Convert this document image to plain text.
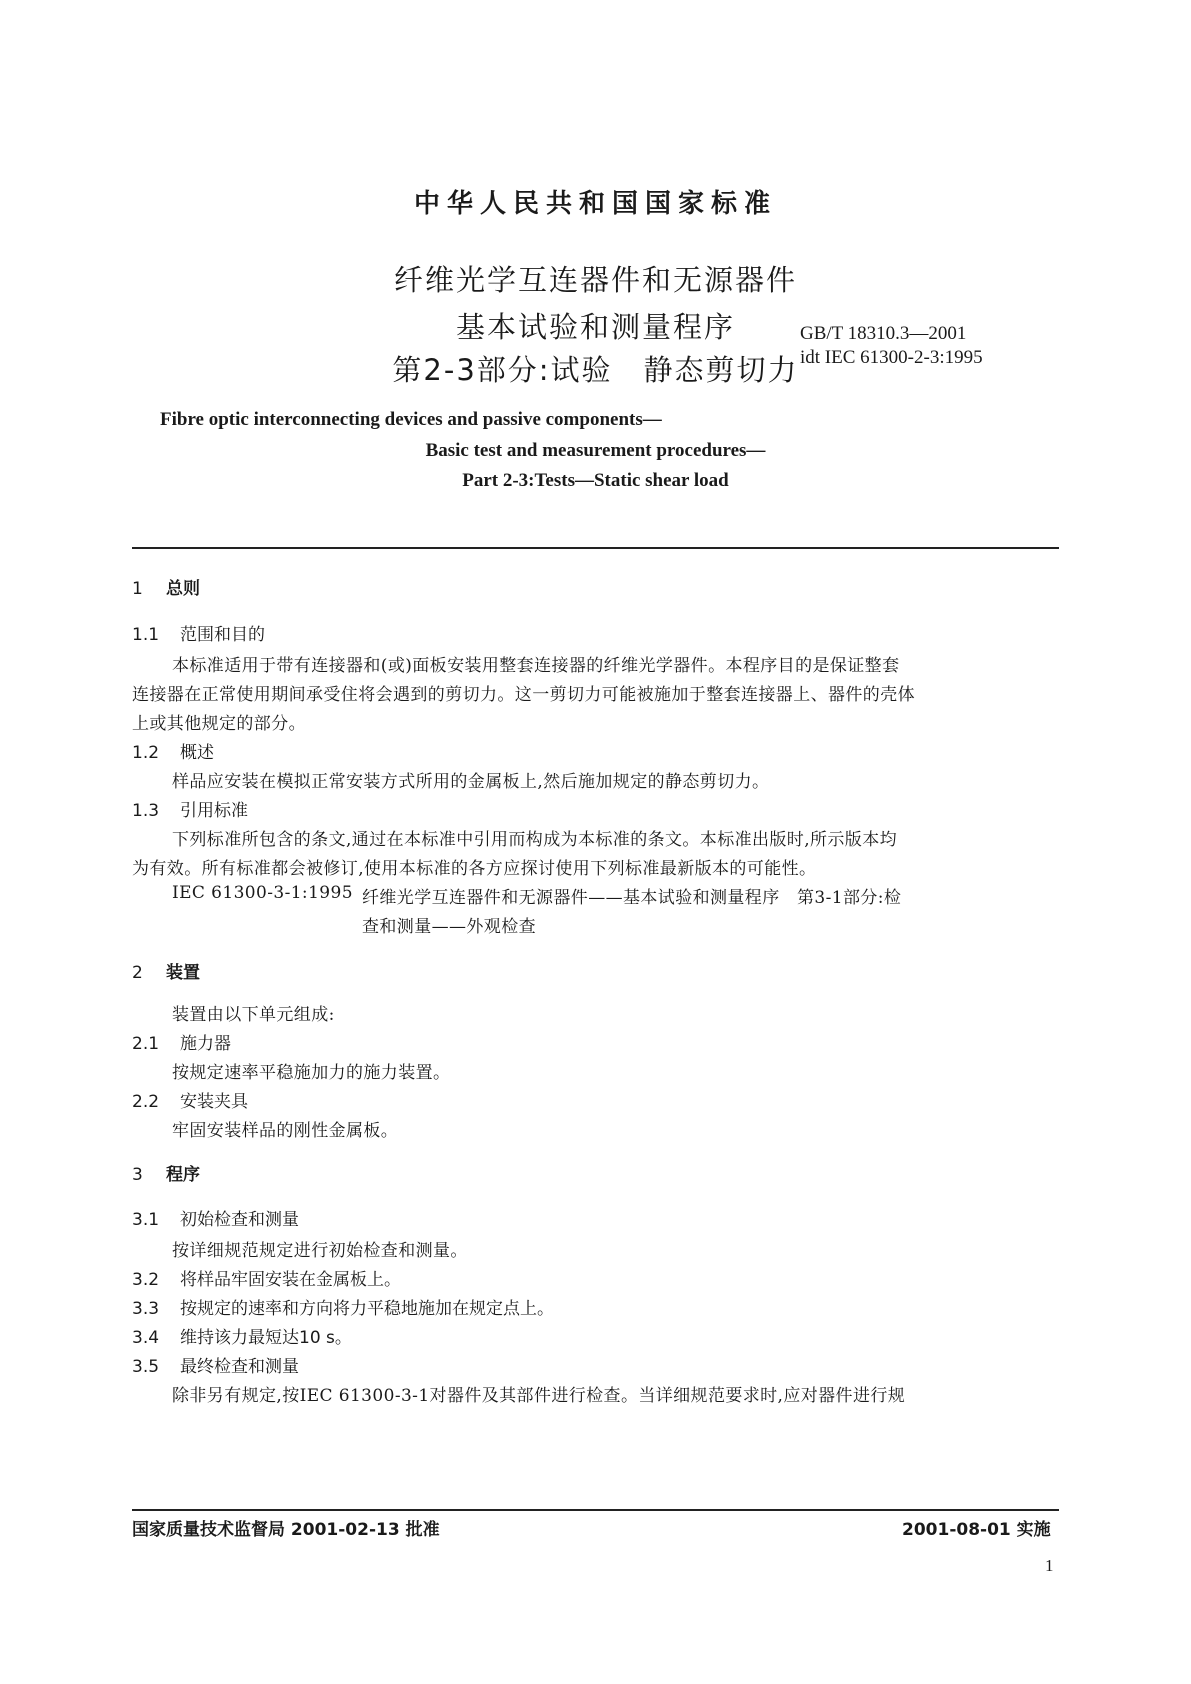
中华人民共和国国家标准
纤维光学互连器件和无源器件
基本试验和测量程序
第2-3部分:试验　静态剪切力
GB/T 18310.3—2001
idt IEC 61300-2-3:1995
Fibre optic interconnecting devices and passive components—
Basic test and measurement procedures—
Part 2-3:Tests—Static shear load
1 总则
1.1 范围和目的
本标准适用于带有连接器和(或)面板安装用整套连接器的纤维光学器件。本程序目的是保证整套
连接器在正常使用期间承受住将会遇到的剪切力。这一剪切力可能被施加于整套连接器上、器件的壳体
上或其他规定的部分。
1.2 概述
样品应安装在模拟正常安装方式所用的金属板上,然后施加规定的静态剪切力。
1.3 引用标准
下列标准所包含的条文,通过在本标准中引用而构成为本标准的条文。本标准出版时,所示版本均
为有效。所有标准都会被修订,使用本标准的各方应探讨使用下列标准最新版本的可能性。
IEC 61300-3-1:1995 纤维光学互连器件和无源器件——基本试验和测量程序　第3-1部分:检
查和测量——外观检查
2 装置
装置由以下单元组成:
2.1 施力器
按规定速率平稳施加力的施力装置。
2.2 安装夹具
牢固安装样品的刚性金属板。
3 程序
3.1 初始检查和测量
按详细规范规定进行初始检查和测量。
3.2 将样品牢固安装在金属板上。
3.3 按规定的速率和方向将力平稳地施加在规定点上。
3.4 维持该力最短达10 s。
3.5 最终检查和测量
除非另有规定,按IEC 61300-3-1对器件及其部件进行检查。当详细规范要求时,应对器件进行规
国家质量技术监督局 2001-02-13 批准	2001-08-01 实施
1
